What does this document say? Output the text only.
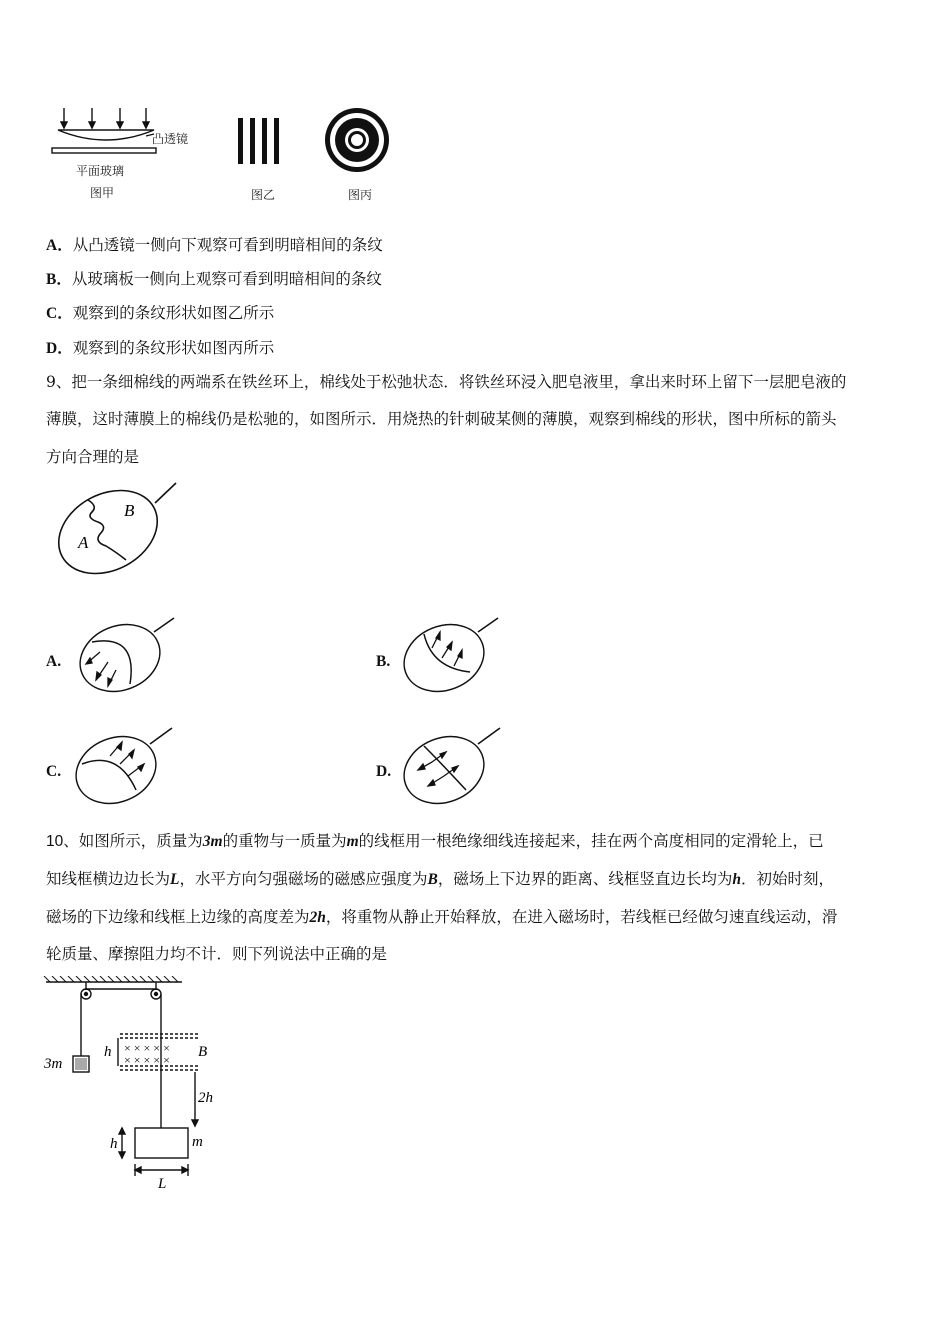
凸透镜
平面玻璃
图甲	图乙	图丙
A．从凸透镜一侧向下观察可看到明暗相间的条纹
B．从玻璃板一侧向上观察可看到明暗相间的条纹
C．观察到的条纹形状如图乙所示
D．观察到的条纹形状如图丙所示
9、把一条细棉线的两端系在铁丝环上，棉线处于松弛状态．将铁丝环浸入肥皂液里，拿出来时环上留下一层肥皂液的
薄膜，这时薄膜上的棉线仍是松驰的，如图所示．用烧热的针刺破某侧的薄膜，观察到棉线的形状，图中所标的箭头
方向合理的是
B
A
A.	B.
C.	D.
10、如图所示，质量为3m的重物与一质量为m的线框用一根绝缘细线连接起来，挂在两个高度相同的定滑轮上，已
知线框横边边长为L，水平方向匀强磁场的磁感应强度为B，磁场上下边界的距离、线框竖直边长均为h．初始时刻，
磁场的下边缘和线框上边缘的高度差为2h，将重物从静止开始释放，在进入磁场时，若线框已经做匀速直线运动，滑
轮质量、摩擦阻力均不计．则下列说法中正确的是
× × × × ×
× × × × ×
3m
h	B
2h
h	m
L
